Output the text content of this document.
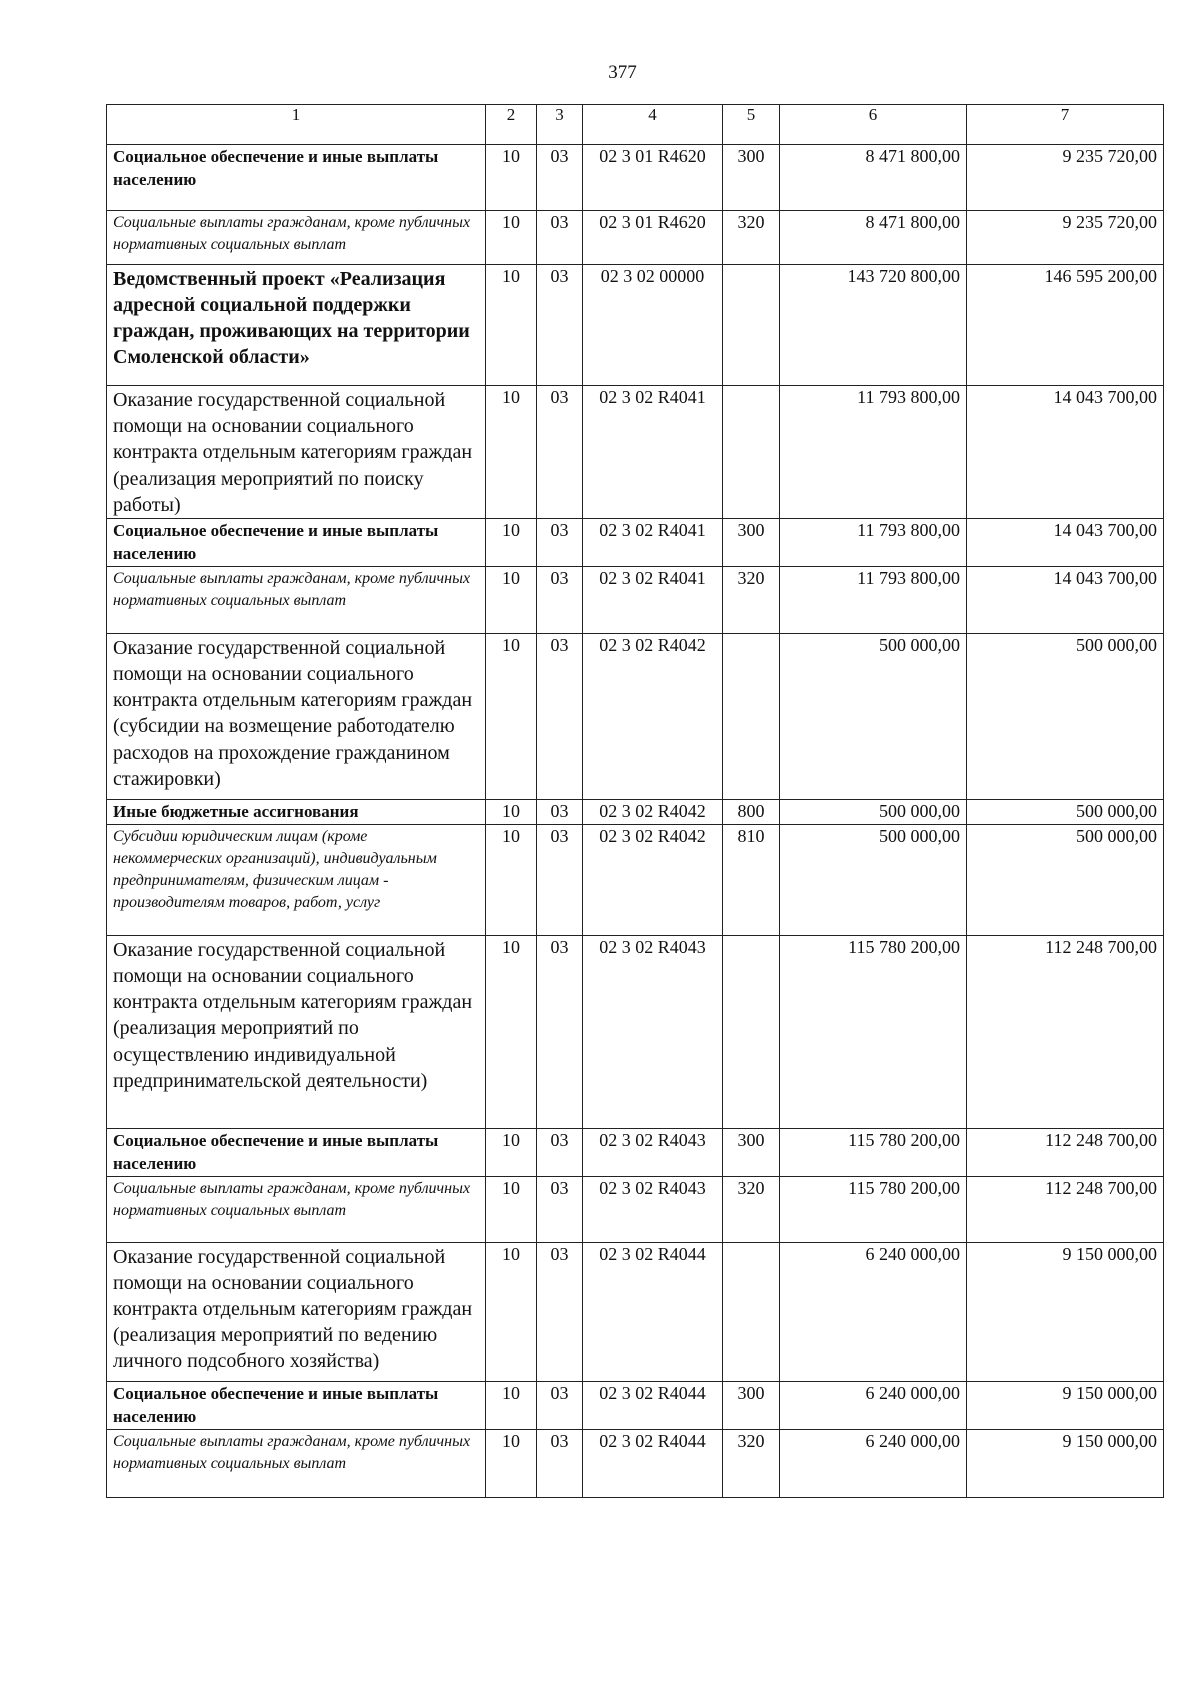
377
1	2	3	4	5	6	7
Социальное обеспечение и иные выплаты населению	10	03	02 3 01 R4620	300	8 471 800,00	9 235 720,00
Социальные выплаты гражданам, кроме публичных нормативных социальных выплат	10	03	02 3 01 R4620	320	8 471 800,00	9 235 720,00
Ведомственный проект «Реализация адресной социальной поддержки граждан, проживающих на территории Смоленской области»	10	03	02 3 02 00000		143 720 800,00	146 595 200,00
Оказание государственной социальной помощи на основании социального контракта отдельным категориям граждан (реализация мероприятий по поиску работы)	10	03	02 3 02 R4041		11 793 800,00	14 043 700,00
Социальное обеспечение и иные выплаты населению	10	03	02 3 02 R4041	300	11 793 800,00	14 043 700,00
Социальные выплаты гражданам, кроме публичных нормативных социальных выплат	10	03	02 3 02 R4041	320	11 793 800,00	14 043 700,00
Оказание государственной социальной помощи на основании социального контракта отдельным категориям граждан (субсидии на возмещение работодателю расходов на прохождение гражданином стажировки)	10	03	02 3 02 R4042		500 000,00	500 000,00
Иные бюджетные ассигнования	10	03	02 3 02 R4042	800	500 000,00	500 000,00
Субсидии юридическим лицам (кроме некоммерческих организаций), индивидуальным предпринимателям, физическим лицам - производителям товаров, работ, услуг	10	03	02 3 02 R4042	810	500 000,00	500 000,00
Оказание государственной социальной помощи на основании социального контракта отдельным категориям граждан (реализация мероприятий по осуществлению индивидуальной предпринимательской деятельности)	10	03	02 3 02 R4043		115 780 200,00	112 248 700,00
Социальное обеспечение и иные выплаты населению	10	03	02 3 02 R4043	300	115 780 200,00	112 248 700,00
Социальные выплаты гражданам, кроме публичных нормативных социальных выплат	10	03	02 3 02 R4043	320	115 780 200,00	112 248 700,00
Оказание государственной социальной помощи на основании социального контракта отдельным категориям граждан (реализация мероприятий по ведению личного подсобного хозяйства)	10	03	02 3 02 R4044		6 240 000,00	9 150 000,00
Социальное обеспечение и иные выплаты населению	10	03	02 3 02 R4044	300	6 240 000,00	9 150 000,00
Социальные выплаты гражданам, кроме публичных нормативных социальных выплат	10	03	02 3 02 R4044	320	6 240 000,00	9 150 000,00
